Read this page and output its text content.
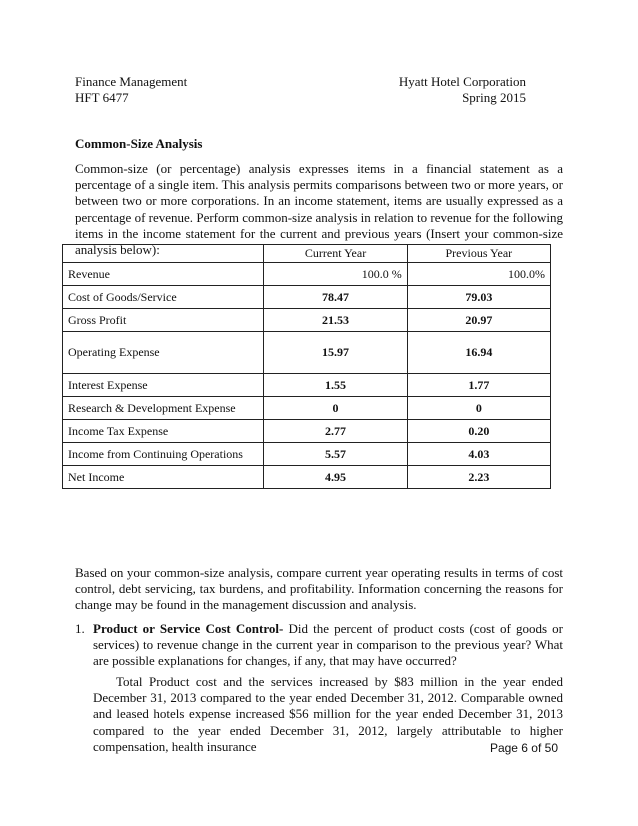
Finance Management
HFT 6477
Hyatt Hotel Corporation
Spring 2015
Common-Size Analysis

Common-size (or percentage) analysis expresses items in a financial statement as a percentage of a single item. This analysis permits comparisons between two or more years, or between two or more corporations. In an income statement, items are usually expressed as a percentage of revenue. Perform common-size analysis in relation to revenue for the following items in the income statement for the current and previous years (Insert your common-size analysis below):

		Current Year	Previous Year
Revenue	100.0 %	100.0%
Cost of Goods/Service	78.47	79.03
Gross Profit	21.53	20.97
Operating Expense	15.97	16.94
Interest Expense	1.55	1.77
Research & Development Expense	0	0
Income Tax Expense	2.77	0.20
Income from Continuing Operations	5.57	4.03
Net Income	4.95	2.23

Based on your common-size analysis, compare current year operating results in terms of cost control, debt servicing, tax burdens, and profitability. Information concerning the reasons for change may be found in the management discussion and analysis.

1. Product or Service Cost Control- Did the percent of product costs (cost of goods or services) to revenue change in the current year in comparison to the previous year? What are possible explanations for changes, if any, that may have occurred?

Total Product cost and the services increased by $83 million in the year ended December 31, 2013 compared to the year ended December 31, 2012. Comparable owned and leased hotels expense increased $56 million for the year ended December 31, 2013 compared to the year ended December 31, 2012, largely attributable to higher compensation, health insurance	Page 6 of 50
